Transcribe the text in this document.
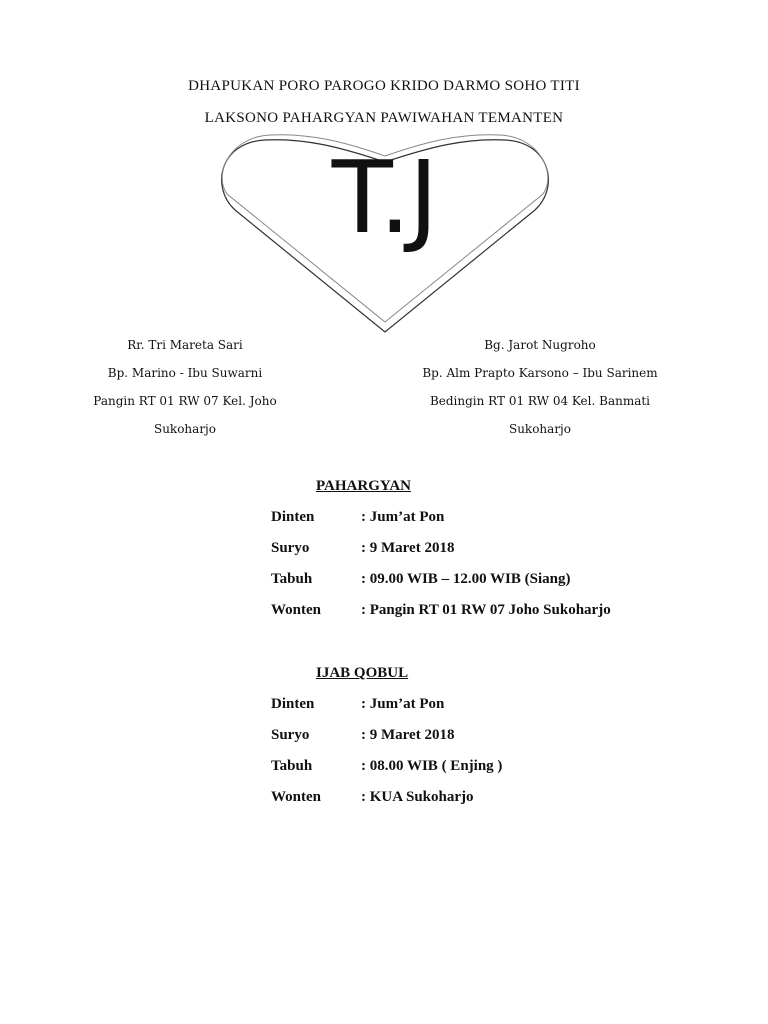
DHAPUKAN PORO PAROGO KRIDO DARMO SOHO TITI
LAKSONO PAHARGYAN PAWIWAHAN TEMANTEN
T.J
Rr. Tri Mareta Sari
Bp. Marino - Ibu Suwarni
Pangin RT 01 RW 07 Kel. Joho
Sukoharjo
Bg. Jarot Nugroho
Bp. Alm Prapto Karsono – Ibu Sarinem
Bedingin RT 01 RW 04 Kel. Banmati
Sukoharjo
PAHARGYAN
Dinten	: Jum’at Pon
Suryo	: 9 Maret 2018
Tabuh	: 09.00 WIB – 12.00 WIB (Siang)
Wonten	: Pangin RT 01 RW 07 Joho Sukoharjo
IJAB QOBUL
Dinten	: Jum’at Pon
Suryo	: 9 Maret 2018
Tabuh	: 08.00 WIB ( Enjing )
Wonten	: KUA Sukoharjo
